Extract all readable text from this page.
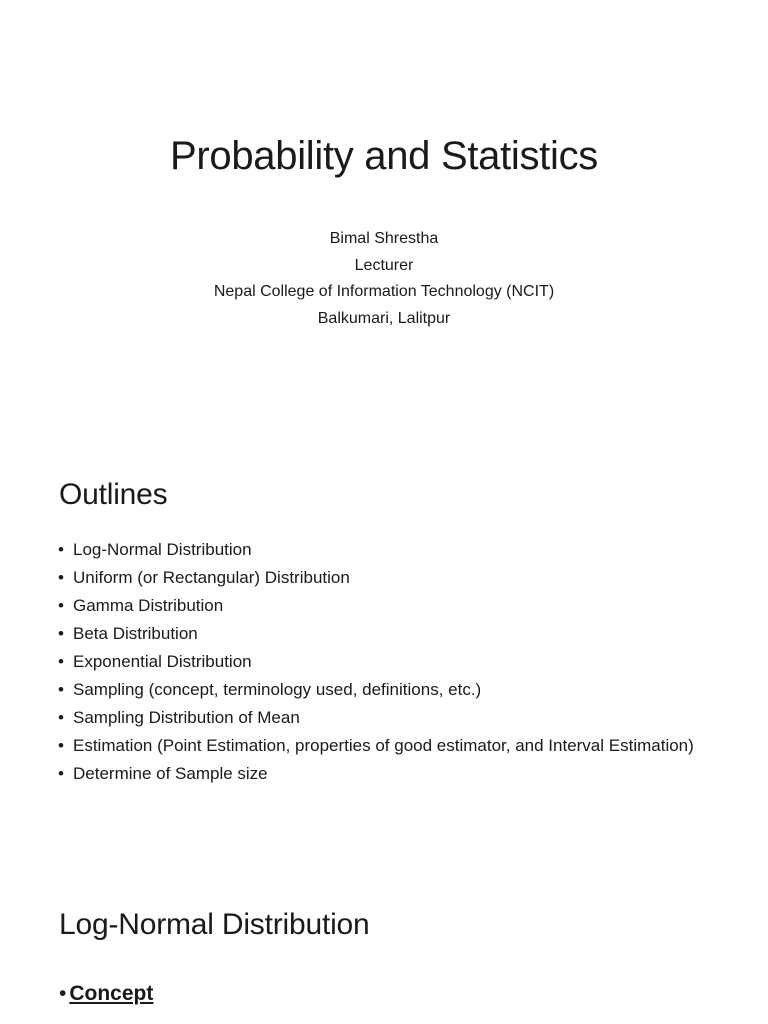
Probability and Statistics
Bimal Shrestha
Lecturer
Nepal College of Information Technology (NCIT)
Balkumari, Lalitpur
Outlines
• Log-Normal Distribution
• Uniform (or Rectangular) Distribution
• Gamma Distribution
• Beta Distribution
• Exponential Distribution
• Sampling (concept, terminology used, definitions, etc.)
• Sampling Distribution of Mean
• Estimation (Point Estimation, properties of good estimator, and Interval Estimation)
• Determine of Sample size
Log-Normal Distribution
• Concept
